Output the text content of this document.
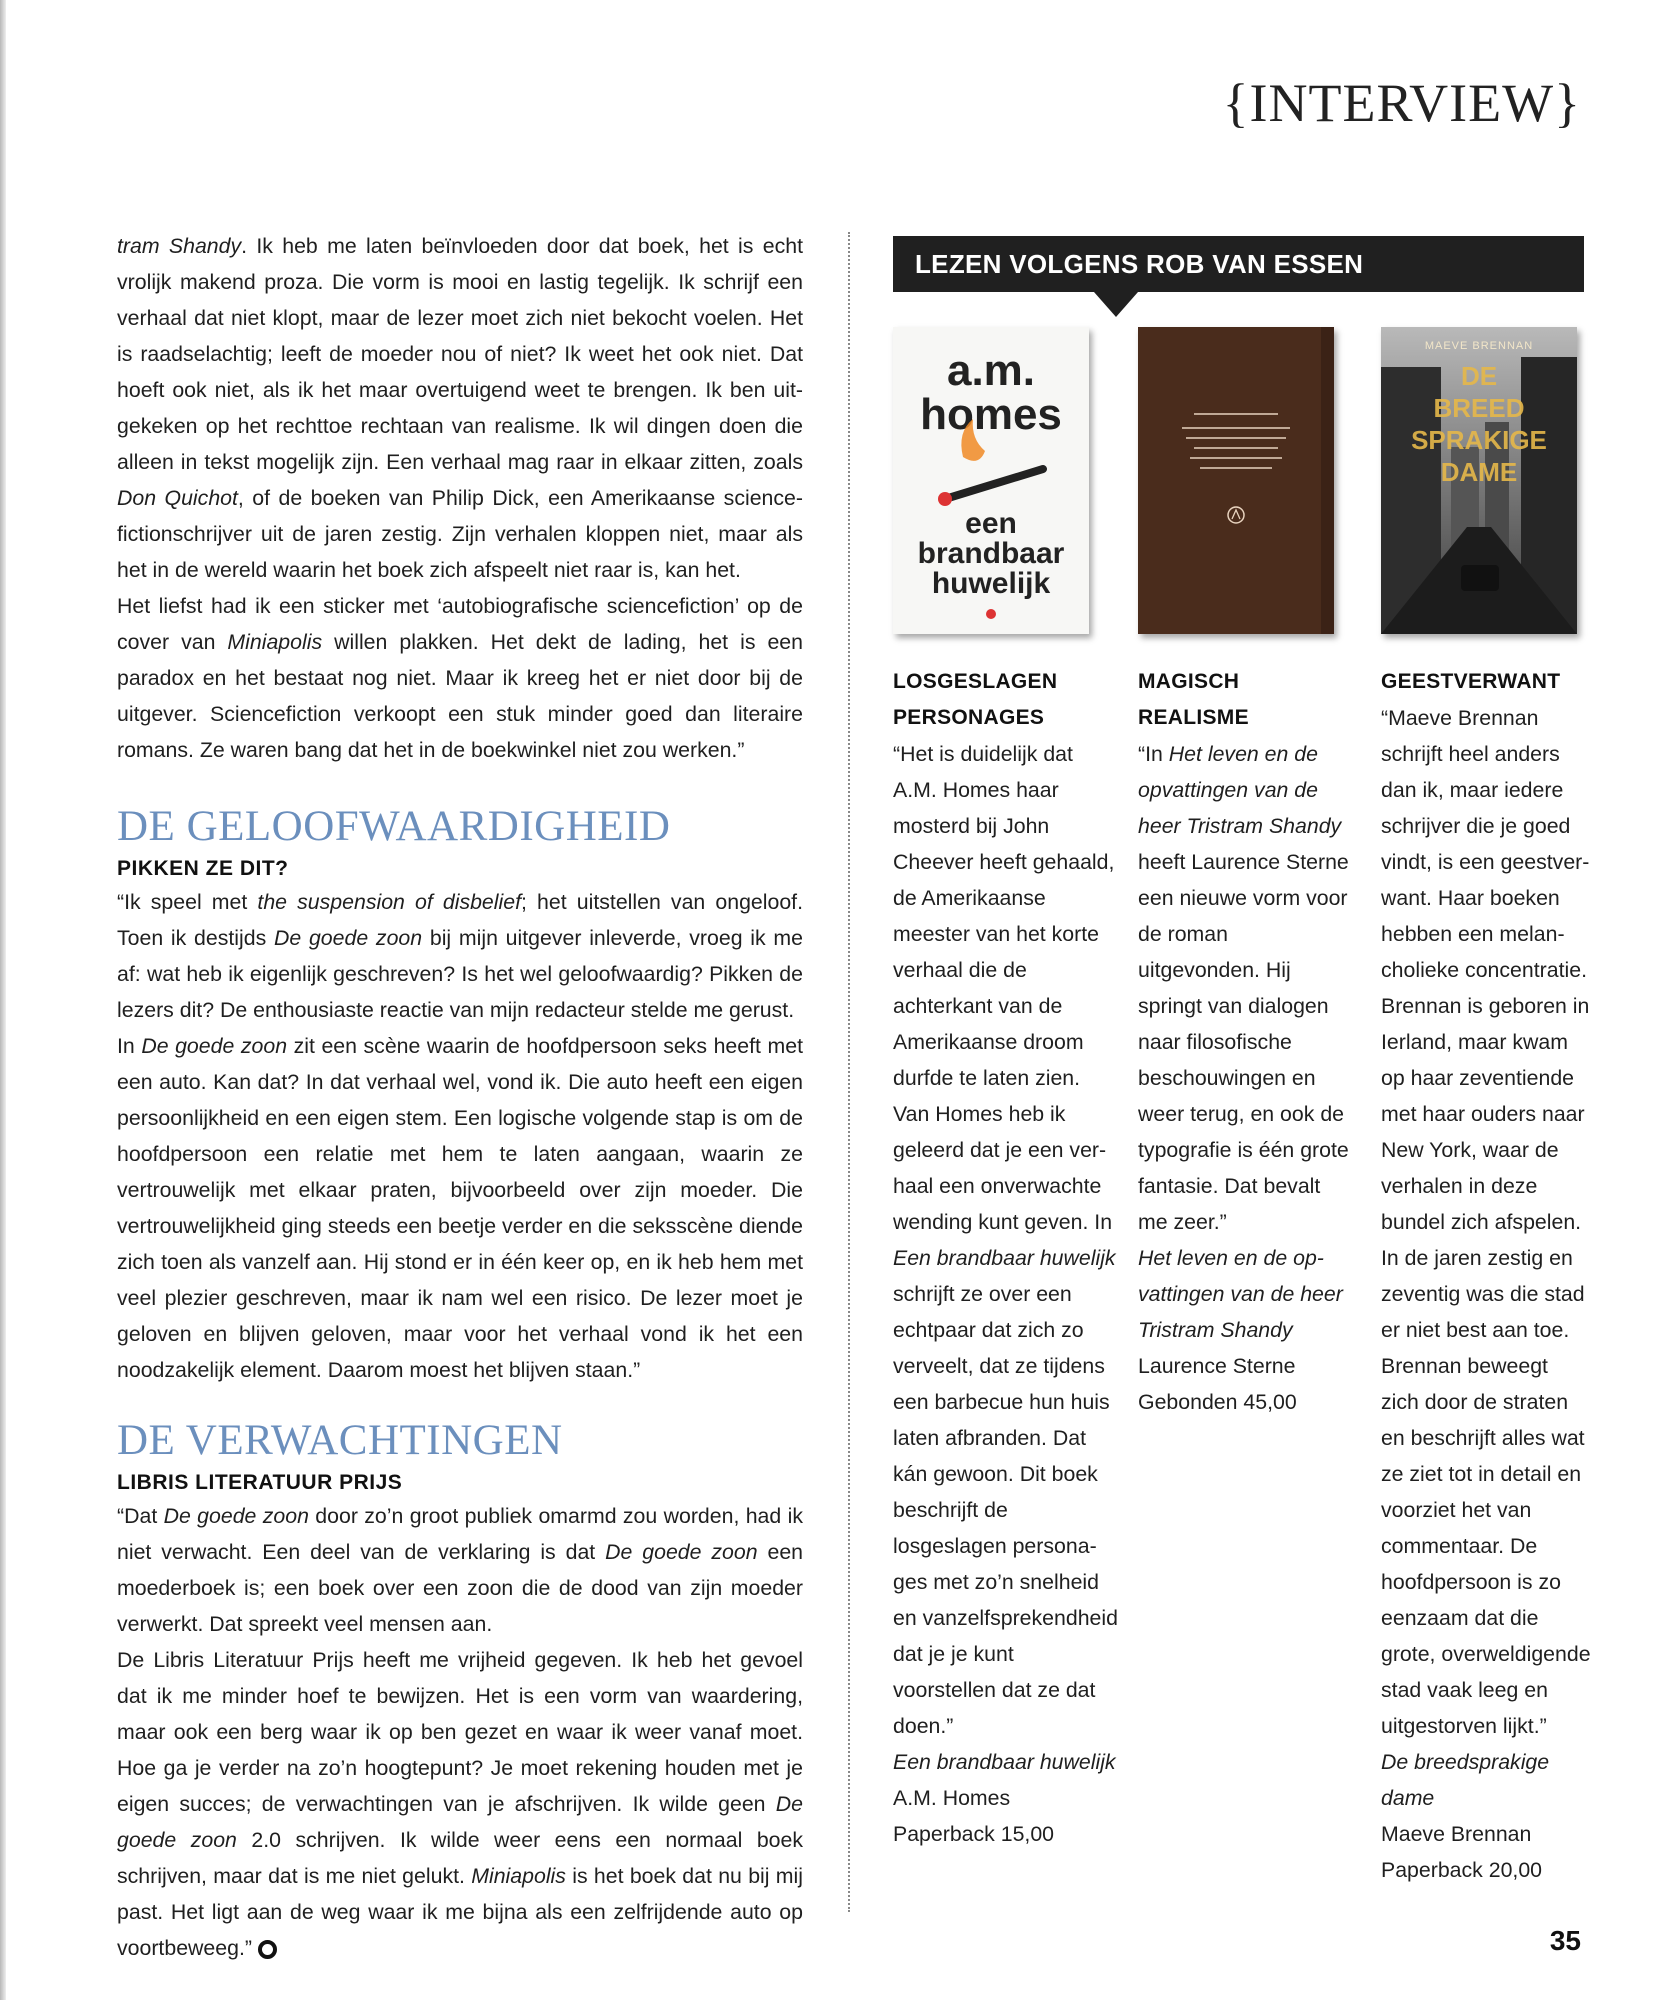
{INTERVIEW}

tram Shandy. Ik heb me laten beïnvloeden door dat boek, het is echt vrolijk makend proza. Die vorm is mooi en lastig tegelijk. Ik schrijf een verhaal dat niet klopt, maar de lezer moet zich niet bekocht voelen. Het is raadselachtig; leeft de moeder nou of niet? Ik weet het ook niet. Dat hoeft ook niet, als ik het maar overtuigend weet te brengen. Ik ben uitgekeken op het rechttoe rechtaan van realisme. Ik wil dingen doen die alleen in tekst mogelijk zijn. Een verhaal mag raar in elkaar zitten, zoals Don Quichot, of de boeken van Philip Dick, een Amerikaanse sciencefictionschrijver uit de jaren zestig. Zijn verhalen kloppen niet, maar als het in de wereld waarin het boek zich afspeelt niet raar is, kan het.

Het liefst had ik een sticker met ‘autobiografische sciencefiction’ op de cover van Miniapolis willen plakken. Het dekt de lading, het is een paradox en het bestaat nog niet. Maar ik kreeg het er niet door bij de uitgever. Sciencefiction verkoopt een stuk minder goed dan literaire romans. Ze waren bang dat het in de boekwinkel niet zou werken.”

DE GELOOFWAARDIGHEID
PIKKEN ZE DIT?

“Ik speel met the suspension of disbelief; het uitstellen van ongeloof. Toen ik destijds De goede zoon bij mijn uitgever inleverde, vroeg ik me af: wat heb ik eigenlijk geschreven? Is het wel geloofwaardig? Pikken de lezers dit? De enthousiaste reactie van mijn redacteur stelde me gerust.

In De goede zoon zit een scène waarin de hoofdpersoon seks heeft met een auto. Kan dat? In dat verhaal wel, vond ik. Die auto heeft een eigen persoonlijkheid en een eigen stem. Een logische volgende stap is om de hoofdpersoon een relatie met hem te laten aangaan, waarin ze vertrouwelijk met elkaar praten, bijvoorbeeld over zijn moeder. Die vertrouwelijkheid ging steeds een beetje verder en die seksscène diende zich toen als vanzelf aan. Hij stond er in één keer op, en ik heb hem met veel plezier geschreven, maar ik nam wel een risico. De lezer moet je geloven en blijven geloven, maar voor het verhaal vond ik het een noodzakelijk element. Daarom moest het blijven staan.”

DE VERWACHTINGEN
LIBRIS LITERATUUR PRIJS

“Dat De goede zoon door zo’n groot publiek omarmd zou worden, had ik niet verwacht. Een deel van de verklaring is dat De goede zoon een moederboek is; een boek over een zoon die de dood van zijn moeder verwerkt. Dat spreekt veel mensen aan.

De Libris Literatuur Prijs heeft me vrijheid gegeven. Ik heb het gevoel dat ik me minder hoef te bewijzen. Het is een vorm van waardering, maar ook een berg waar ik op ben gezet en waar ik weer vanaf moet. Hoe ga je verder na zo’n hoogtepunt? Je moet rekening houden met je eigen succes; de verwachtingen van je afschrijven. Ik wilde geen De goede zoon 2.0 schrijven. Ik wilde weer eens een normaal boek schrijven, maar dat is me niet gelukt. Miniapolis is het boek dat nu bij mij past. Het ligt aan de weg waar ik me bijna als een zelfrijdende auto op voortbeweeg.”

LEZEN VOLGENS ROB VAN ESSEN
a.m.
homes
een
brandbaar
huwelijk
MAEVE BRENNAN
DE
BREED
SPRAKIGE
DAME

LOSGESLAGEN PERSONAGES

“Het is duidelijk dat A.M. Homes haar mosterd bij John Cheever heeft gehaald, de Amerikaanse meester van het korte verhaal die de achterkant van de Amerikaanse droom durfde te laten zien. Van Homes heb ik geleerd dat je een verhaal een onverwachte wending kunt geven. In Een brandbaar huwelijk schrijft ze over een echtpaar dat zich zo verveelt, dat ze tijdens een barbecue hun huis laten afbranden. Dat kán gewoon. Dit boek beschrijft de losgeslagen personages met zo’n snelheid en vanzelfsprekendheid dat je je kunt voorstellen dat ze dat doen.”

Een brandbaar huwelijk

A.M. Homes

Paperback 15,00

MAGISCH REALISME

“In Het leven en de opvattingen van de heer Tristram Shandy heeft Laurence Sterne een nieuwe vorm voor de roman uitgevonden. Hij springt van dialogen naar filosofische beschouwingen en weer terug, en ook de typografie is één grote fantasie. Dat bevalt me zeer.”

Het leven en de opvattingen van de heer Tristram Shandy

Laurence Sterne

Gebonden 45,00

GEESTVERWANT

“Maeve Brennan schrijft heel anders dan ik, maar iedere schrijver die je goed vindt, is een geestverwant. Haar boeken hebben een melancholieke concentratie. Brennan is geboren in Ierland, maar kwam op haar zeventiende met haar ouders naar New York, waar de verhalen in deze bundel zich afspelen. In de jaren zestig en zeventig was die stad er niet best aan toe. Brennan beweegt zich door de straten en beschrijft alles wat ze ziet tot in detail en voorziet het van commentaar. De hoofdpersoon is zo eenzaam dat die grote, overweldigende stad vaak leeg en uitgestorven lijkt.”

De breedsprakige dame

Maeve Brennan

Paperback 20,00

35
